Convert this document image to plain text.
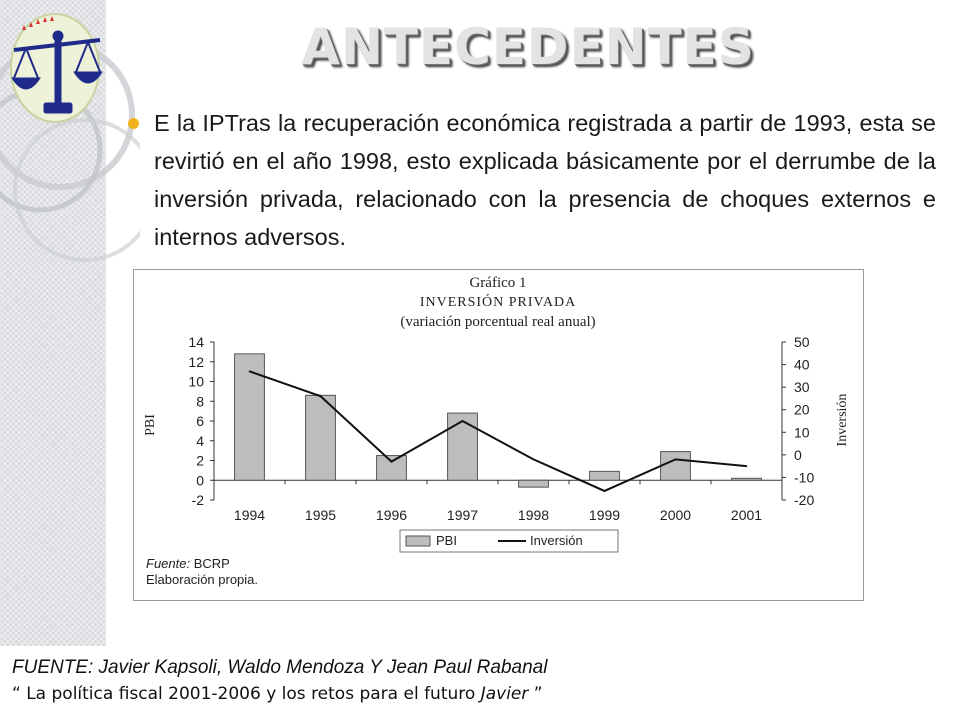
ANTECEDENTES

E la IPTras la recuperación económica registrada a partir de 1993, esta se revirtió en el año 1998, esto explicada básicamente por el derrumbe de la inversión privada, relacionado con la presencia de choques externos e internos adversos.

Gráfico 1
INVERSIÓN PRIVADA
(variación porcentual real anual)
-2
0
2
4
6
8
10
12
14
-20
-10
0
10
20
30
40
50
1994	1995	1996	1997	1998	1999	2000	2001
PBI	Inversión
PBI	Inversión
Fuente: BCRP
Elaboración propia.
FUENTE: Javier Kapsoli, Waldo Mendoza Y Jean Paul Rabanal
“ La política fiscal 2001-2006 y los retos para el futuro Javier ”
